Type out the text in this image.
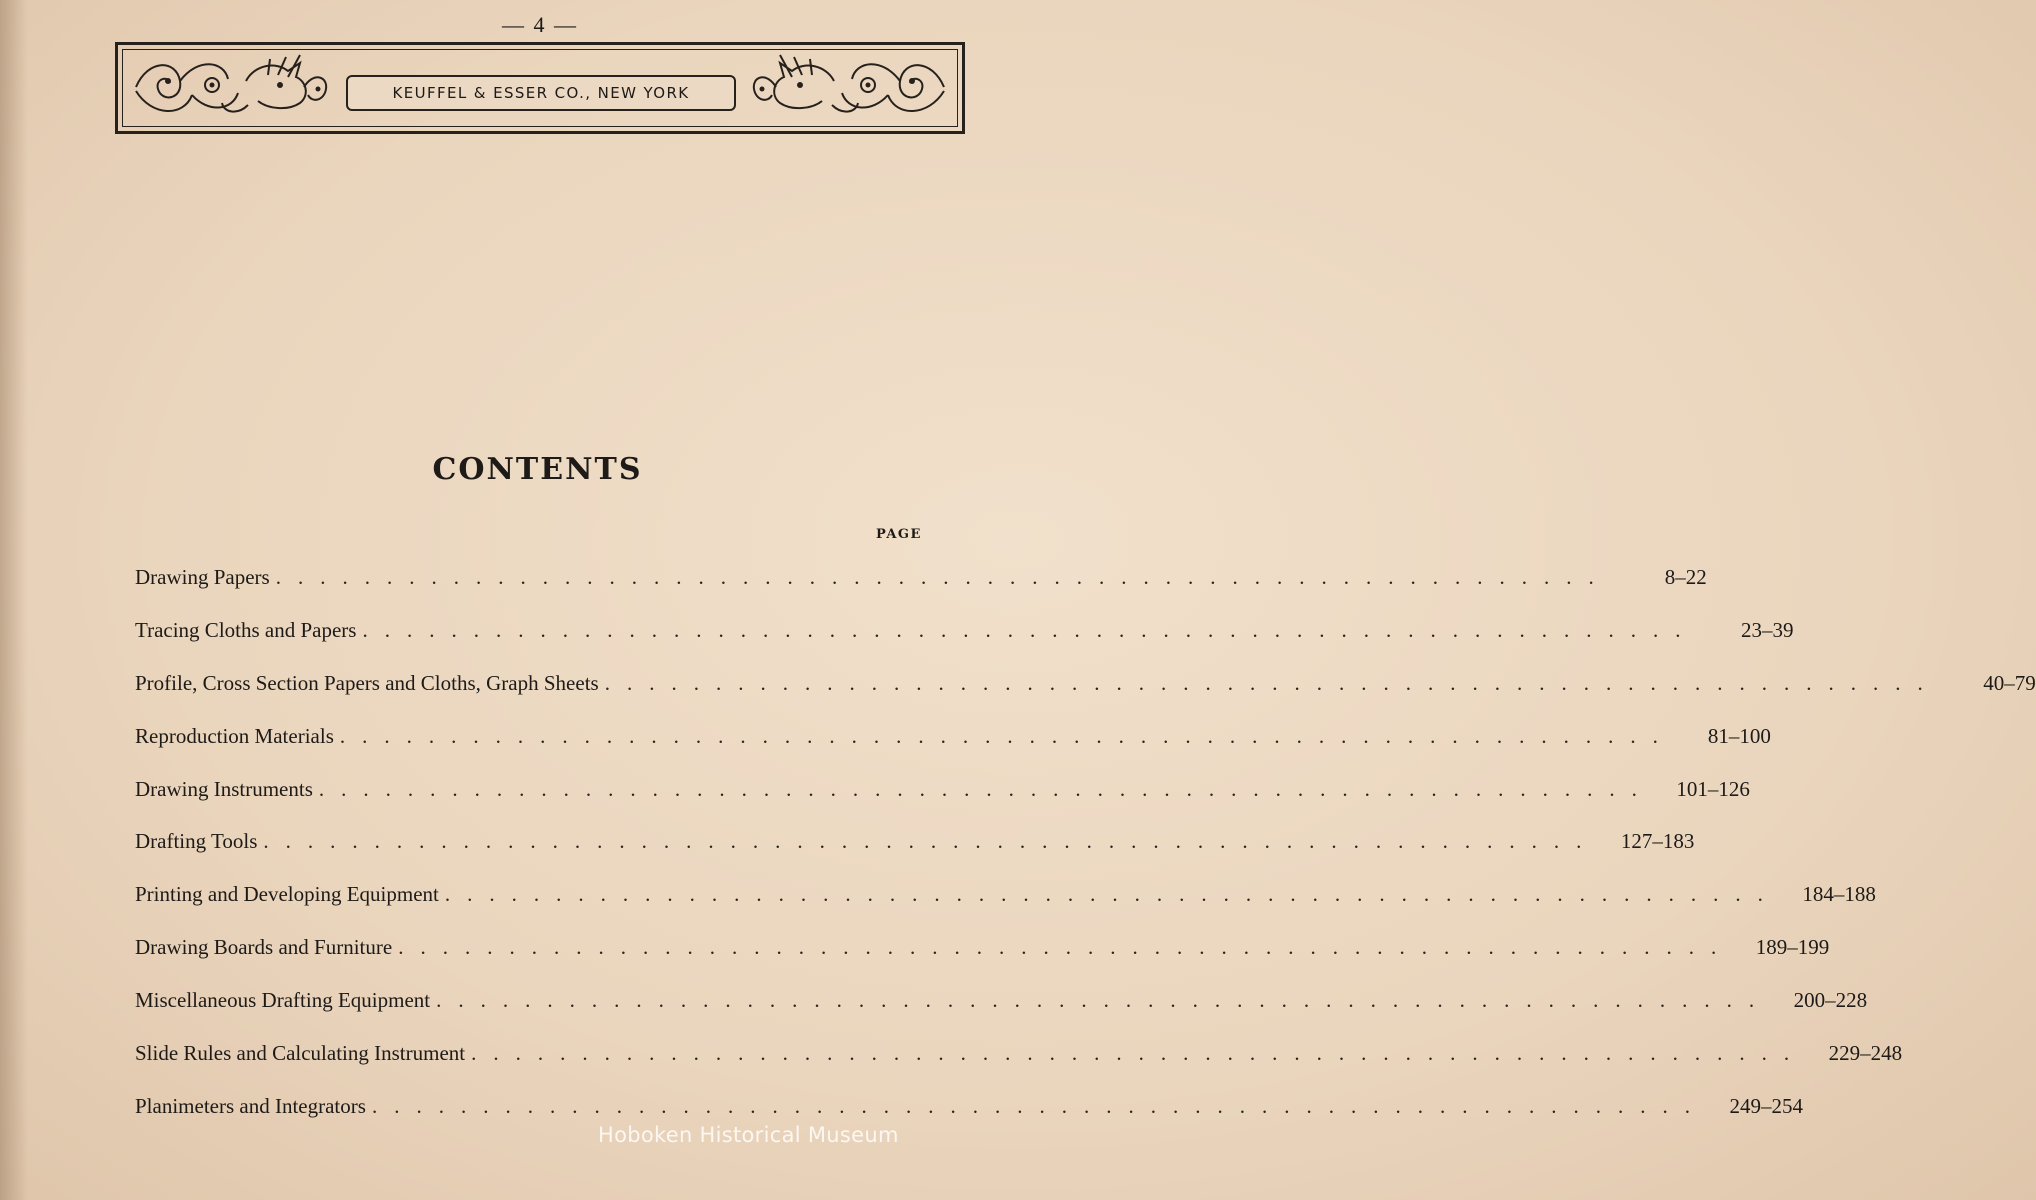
— 4 —
KEUFFEL & ESSER CO., NEW YORK
CONTENTS
PAGE
Drawing Papers ............................................................	8–22
Tracing Cloths and Papers ............................................................	23–39
Profile, Cross Section Papers and Cloths, Graph Sheets ............................................................	40–79
Reproduction Materials ............................................................	81–100
Drawing Instruments ............................................................	101–126
Drafting Tools ............................................................	127–183
Printing and Developing Equipment ............................................................	184–188
Drawing Boards and Furniture ............................................................	189–199
Miscellaneous Drafting Equipment ............................................................	200–228
Slide Rules and Calculating Instrument ............................................................	229–248
Planimeters and Integrators ............................................................	249–254
Hoboken Historical Museum
